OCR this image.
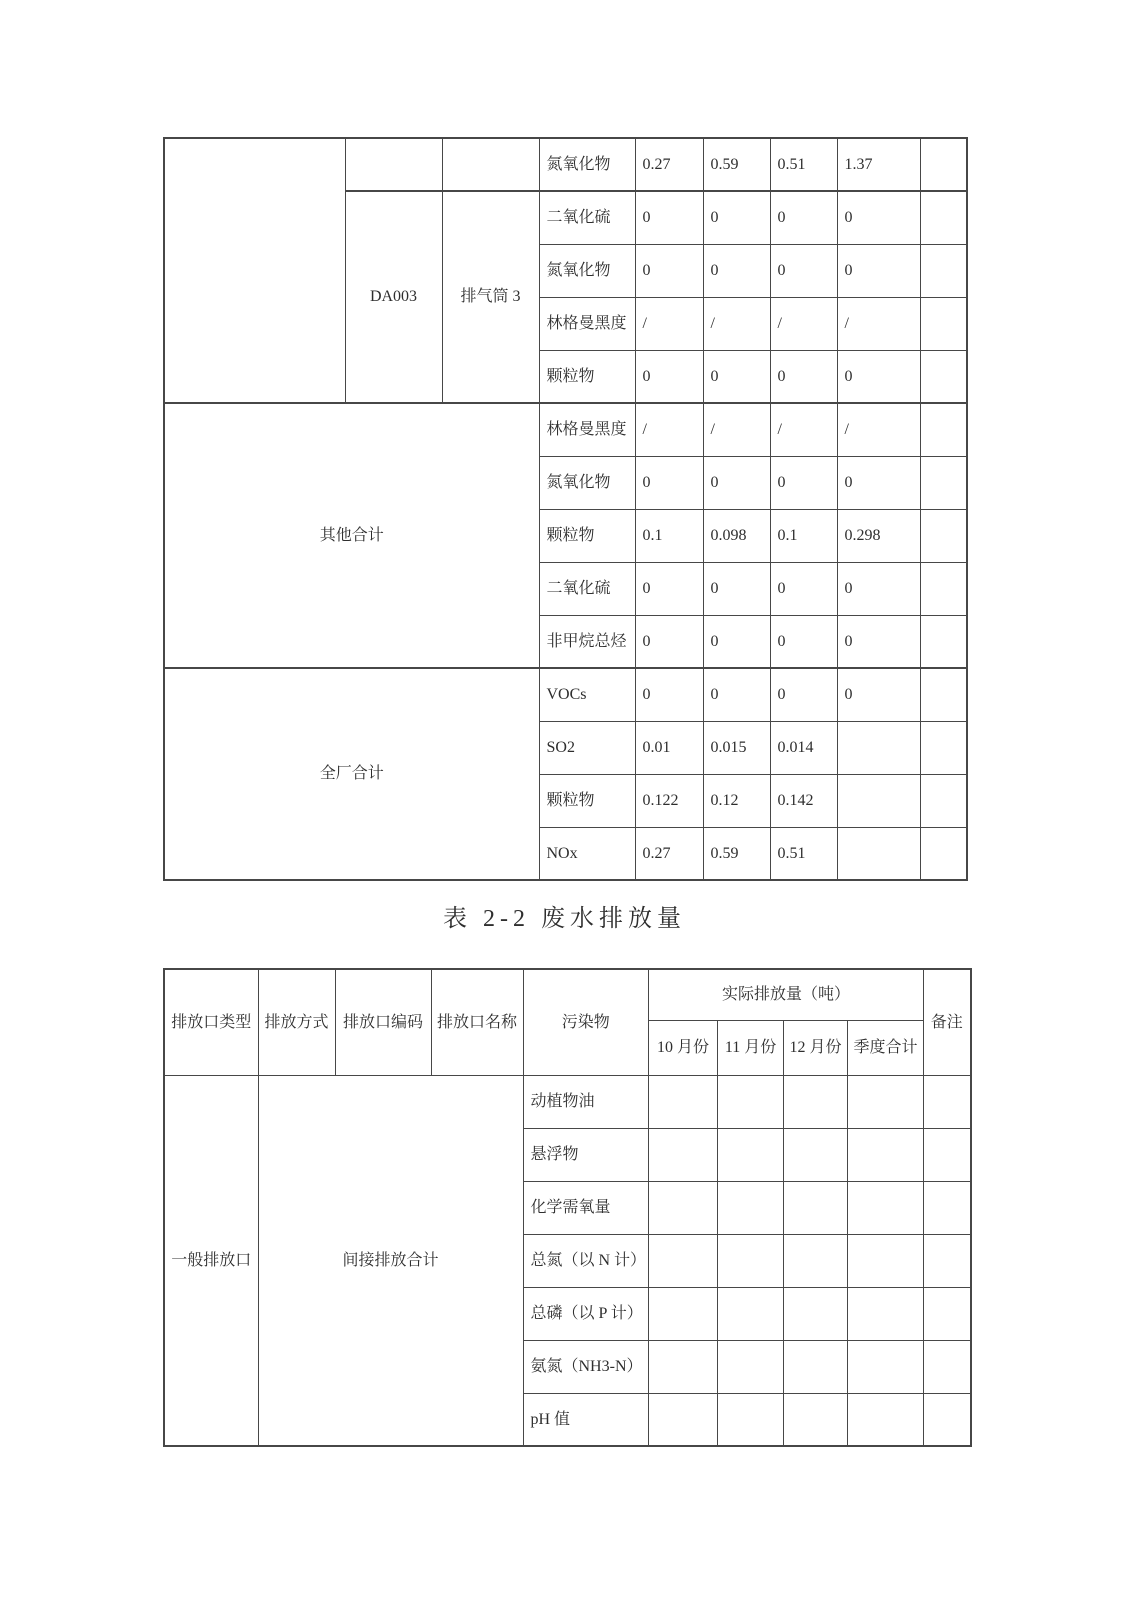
			氮氧化物	0.27	0.59	0.51	1.37	
	DA003	排气筒 3	二氧化硫	0	0	0	0	
			氮氧化物	0	0	0	0	
			林格曼黑度	/	/	/	/	
			颗粒物	0	0	0	0	
其他合计			林格曼黑度	/	/	/	/	
			氮氧化物	0	0	0	0	
			颗粒物	0.1	0.098	0.1	0.298	
			二氧化硫	0	0	0	0	
			非甲烷总烃	0	0	0	0	
全厂合计			VOCs	0	0	0	0	
			SO2	0.01	0.015	0.014		
			颗粒物	0.122	0.12	0.142		
			NOx	0.27	0.59	0.51		
表 2-2 废水排放量
排放口类型	排放方式	排放口编码	排放口名称	污染物	实际排放量（吨）				备注
					10 月份	11 月份	12 月份	季度合计	
一般排放口	间接排放合计			动植物油					
				悬浮物					
				化学需氧量					
				总氮（以 N 计）					
				总磷（以 P 计）					
				氨氮（NH3-N）					
				pH 值					
